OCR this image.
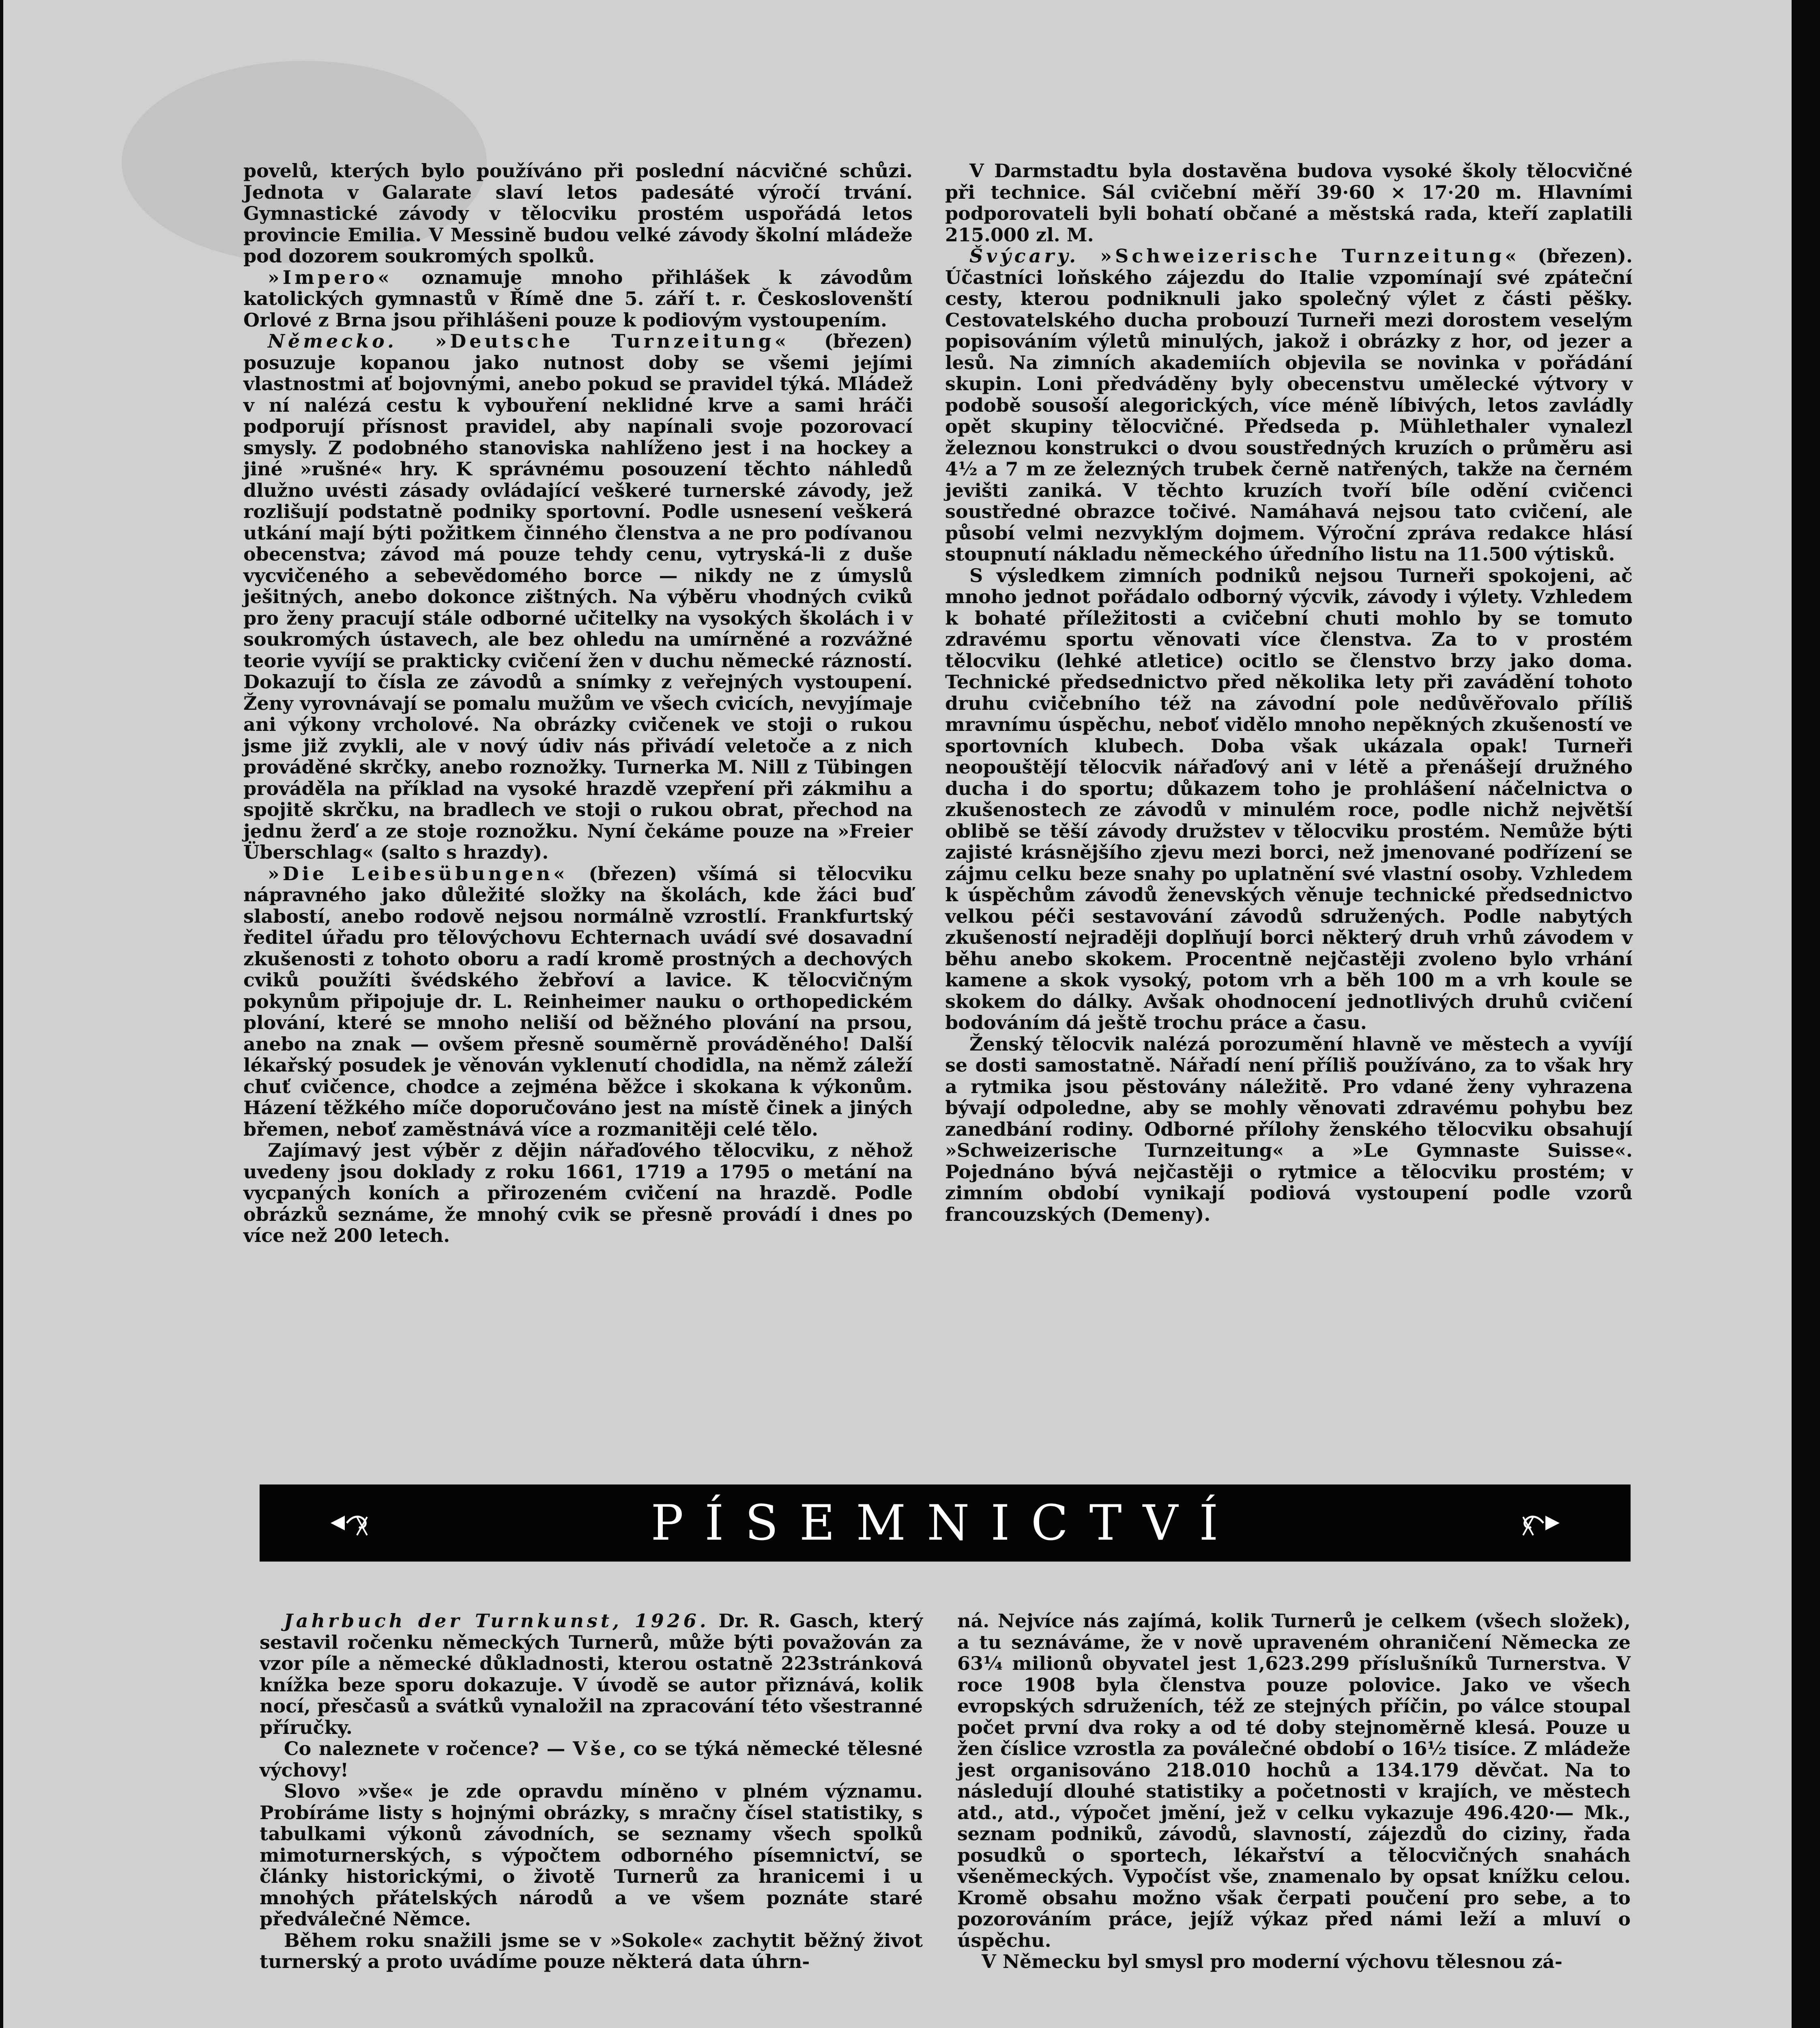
povelů, kterých bylo používáno při poslední nácvičné schůzi. Jednota v Galarate slaví letos padesáté výročí trvání. Gymnastické závody v tělocviku prostém uspořádá letos provincie Emilia. V Messině budou velké závody školní mládeže pod dozorem soukromých spolků.

»Impero« oznamuje mnoho přihlášek k závodům katolických gymnastů v Římě dne 5. září t. r. Českoslovenští Orlové z Brna jsou přihlášeni pouze k podiovým vystoupením.

Německo. »Deutsche Turnzeitung« (březen) posuzuje kopanou jako nutnost doby se všemi jejími vlastnostmi ať bojovnými, anebo pokud se pravidel týká. Mládež v ní nalézá cestu k vybouření neklidné krve a sami hráči podporují přísnost pravidel, aby napínali svoje pozorovací smysly. Z podobného stanoviska nahlíženo jest i na hockey a jiné »rušné« hry. K správnému posouzení těchto náhledů dlužno uvésti zásady ovládající veškeré turnerské závody, jež rozlišují podstatně podniky sportovní. Podle usnesení veškerá utkání mají býti požitkem činného členstva a ne pro podívanou obecenstva; závod má pouze tehdy cenu, vytryská-li z duše vycvičeného a sebevědomého borce — nikdy ne z úmyslů ješitných, anebo dokonce zištných. Na výběru vhodných cviků pro ženy pracují stále odborné učitelky na vysokých školách i v soukromých ústavech, ale bez ohledu na umírněné a rozvážné teorie vyvíjí se prakticky cvičení žen v duchu německé rázností. Dokazují to čísla ze závodů a snímky z veřejných vystoupení. Ženy vyrovnávají se pomalu mužům ve všech cvicích, nevyjímaje ani výkony vrcholové. Na obrázky cvičenek ve stoji o rukou jsme již zvykli, ale v nový údiv nás přivádí veletoče a z nich prováděné skrčky, anebo roznožky. Turnerka M. Nill z Tübingen prováděla na příklad na vysoké hrazdě vzepření při zákmihu a spojitě skrčku, na bradlech ve stoji o rukou obrat, přechod na jednu žerď a ze stoje roznožku. Nyní čekáme pouze na »Freier Überschlag« (salto s hrazdy).

»Die Leibesübungen« (březen) všímá si tělocviku nápravného jako důležité složky na školách, kde žáci buď slabostí, anebo rodově nejsou normálně vzrostlí. Frankfurtský ředitel úřadu pro tělovýchovu Echternach uvádí své dosavadní zkušenosti z tohoto oboru a radí kromě prostných a dechových cviků použíti švédského žebřoví a lavice. K tělocvičným pokynům připojuje dr. L. Reinheimer nauku o orthopedickém plování, které se mnoho neliší od běžného plování na prsou, anebo na znak — ovšem přesně souměrně prováděného! Další lékařský posudek je věnován vyklenutí chodidla, na němž záleží chuť cvičence, chodce a zejména běžce i skokana k výkonům. Házení těžkého míče doporučováno jest na místě činek a jiných břemen, neboť zaměstnává více a rozmanitěji celé tělo.

Zajímavý jest výběr z dějin nářaďového tělocviku, z něhož uvedeny jsou doklady z roku 1661, 1719 a 1795 o metání na vycpaných koních a přirozeném cvičení na hrazdě. Podle obrázků seznáme, že mnohý cvik se přesně provádí i dnes po více než 200 letech.

V Darmstadtu byla dostavěna budova vysoké školy tělocvičné při technice. Sál cvičební měří 39·60 × 17·20 m. Hlavními podporovateli byli bohatí občané a městská rada, kteří zaplatili 215.000 zl. M.

Švýcary. »Schweizerische Turnzeitung« (březen). Účastníci loňského zájezdu do Italie vzpomínají své zpáteční cesty, kterou podniknuli jako společný výlet z části pěšky. Cestovatelského ducha probouzí Turneři mezi dorostem veselým popisováním výletů minulých, jakož i obrázky z hor, od jezer a lesů. Na zimních akademiích objevila se novinka v pořádání skupin. Loni předváděny byly obecenstvu umělecké výtvory v podobě sousoší alegorických, více méně líbivých, letos zavládly opět skupiny tělocvičné. Předseda p. Mühlethaler vynalezl železnou konstrukci o dvou soustředných kruzích o průměru asi 4½ a 7 m ze železných trubek černě natřených, takže na černém jevišti zaniká. V těchto kruzích tvoří bíle odění cvičenci soustředné obrazce točivé. Namáhavá nejsou tato cvičení, ale působí velmi nezvyklým dojmem. Výroční zpráva redakce hlásí stoupnutí nákladu německého úředního listu na 11.500 výtisků.

S výsledkem zimních podniků nejsou Turneři spokojeni, ač mnoho jednot pořádalo odborný výcvik, závody i výlety. Vzhledem k bohaté příležitosti a cvičební chuti mohlo by se tomuto zdravému sportu věnovati více členstva. Za to v prostém tělocviku (lehké atletice) ocitlo se členstvo brzy jako doma. Technické předsednictvo před několika lety při zavádění tohoto druhu cvičebního též na závodní pole nedůvěřovalo příliš mravnímu úspěchu, neboť vidělo mnoho nepěkných zkušeností ve sportovních klubech. Doba však ukázala opak! Turneři neopouštějí tělocvik nářaďový ani v létě a přenášejí družného ducha i do sportu; důkazem toho je prohlášení náčelnictva o zkušenostech ze závodů v minulém roce, podle nichž největší oblibě se těší závody družstev v tělocviku prostém. Nemůže býti zajisté krásnějšího zjevu mezi borci, než jmenované podřízení se zájmu celku beze snahy po uplatnění své vlastní osoby. Vzhledem k úspěchům závodů ženevských věnuje technické předsednictvo velkou péči sestavování závodů sdružených. Podle nabytých zkušeností nejraději doplňují borci některý druh vrhů závodem v běhu anebo skokem. Procentně nejčastěji zvoleno bylo vrhání kamene a skok vysoký, potom vrh a běh 100 m a vrh koule se skokem do dálky. Avšak ohodnocení jednotlivých druhů cvičení bodováním dá ještě trochu práce a času.

Ženský tělocvik nalézá porozumění hlavně ve městech a vyvíjí se dosti samostatně. Nářadí není příliš používáno, za to však hry a rytmika jsou pěstovány náležitě. Pro vdané ženy vyhrazena bývají odpoledne, aby se mohly věnovati zdravému pohybu bez zanedbání rodiny. Odborné přílohy ženského tělocviku obsahují »Schweizerische Turnzeitung« a »Le Gymnaste Suisse«. Pojednáno bývá nejčastěji o rytmice a tělocviku prostém; v zimním období vynikají podiová vystoupení podle vzorů francouzských (Demeny).

PÍSEMNICTVÍ

Jahrbuch der Turnkunst, 1926. Dr. R. Gasch, který sestavil ročenku německých Turnerů, může býti považován za vzor píle a německé důkladnosti, kterou ostatně 223stránková knížka beze sporu dokazuje. V úvodě se autor přiznává, kolik nocí, přesčasů a svátků vynaložil na zpracování této všestranné příručky.

Co naleznete v ročence? — Vše, co se týká německé tělesné výchovy!

Slovo »vše« je zde opravdu míněno v plném významu. Probíráme listy s hojnými obrázky, s mračny čísel statistiky, s tabulkami výkonů závodních, se seznamy všech spolků mimoturnerských, s výpočtem odborného písemnictví, se články historickými, o životě Turnerů za hranicemi i u mnohých přátelských národů a ve všem poznáte staré předválečné Němce.

Během roku snažili jsme se v »Sokole« zachytit běžný život turnerský a proto uvádíme pouze některá data úhrn-

ná. Nejvíce nás zajímá, kolik Turnerů je celkem (všech složek), a tu seznáváme, že v nově upraveném ohraničení Německa ze 63¼ milionů obyvatel jest 1,623.299 příslušníků Turnerstva. V roce 1908 byla členstva pouze polovice. Jako ve všech evropských sdruženích, též ze stejných příčin, po válce stoupal počet první dva roky a od té doby stejnoměrně klesá. Pouze u žen číslice vzrostla za poválečné období o 16½ tisíce. Z mládeže jest organisováno 218.010 hochů a 134.179 děvčat. Na to následují dlouhé statistiky a početnosti v krajích, ve městech atd., atd., výpočet jmění, jež v celku vykazuje 496.420·— Mk., seznam podniků, závodů, slavností, zájezdů do ciziny, řada posudků o sportech, lékařství a tělocvičných snahách všeněmeckých. Vypočíst vše, znamenalo by opsat knížku celou. Kromě obsahu možno však čerpati poučení pro sebe, a to pozorováním práce, jejíž výkaz před námi leží a mluví o úspěchu.

V Německu byl smysl pro moderní výchovu tělesnou zá-
